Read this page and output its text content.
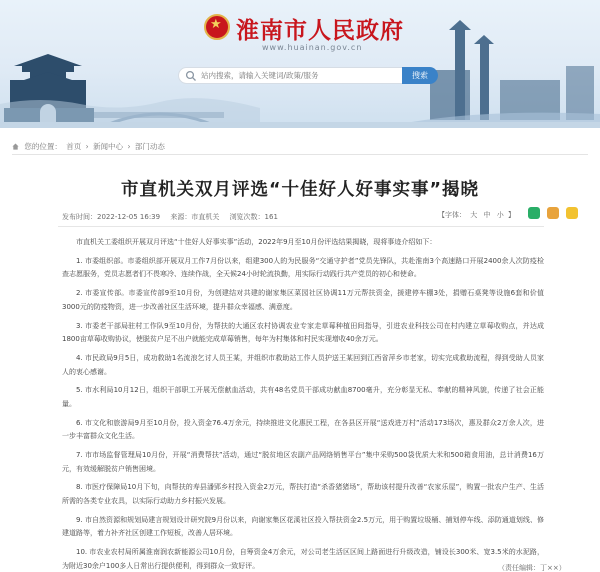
★
淮南市人民政府
www.huainan.gov.cn
站内搜索，请输入关键词/政策/服务
搜索
您的位置： 首页 › 新闻中心 › 部门动态
市直机关双月评选“十佳好人好事实事”揭晓
发布时间：2022-12-05 16:39 来源：市直机关 浏览次数：161	【字体： 大 中 小 】

市直机关工委组织开展双月评选“十佳好人好事实事”活动，2022年9月至10月份评选结果揭晓，现将事迹介绍如下：

1. 市委组织部。市委组织部开展双月工作7月份以来，组建300人的为民服务“交通守护者”党员先锋队，共赴淮南3个高速路口开展2400余人次防疫检查志愿服务，党员志愿者们不畏寒冷、连续作战，全天候24小时轮流执勤，用实际行动践行共产党员的初心和使命。

2. 市委宣传部。市委宣传部9至10月份，为创建结对共建的谢家集区菜园社区协调11万元帮扶资金，援建停车棚3处，捐赠石桌凳等设施6套和价值3000元的防疫物资，进一步改善社区生活环境，提升群众幸福感、满意度。

3. 市委老干部局驻村工作队9至10月份，为帮扶的大通区农村协调农业专家走草莓种植田间指导，引进农业科技公司在村内建立草莓收购点，并达成1800亩草莓收购协议，使脱贫户足不出户就能完成草莓销售，每年为村集体和村民实现增收40余万元。

4. 市民政局9月5日，成功救助1名流浪乞讨人员王某，并组织市救助站工作人员护送王某回到江西省萍乡市老家，切实完成救助流程，得到受助人员家人的衷心感谢。

5. 市水利局10月12日，组织干部职工开展无偿献血活动，共有48名党员干部成功献血8700毫升，充分彰显无私、奉献的精神风貌，传递了社会正能量。

6. 市文化和旅游局9月至10月份，投入资金76.4万余元，持续推进文化惠民工程，在各县区开展“送戏进万村”活动173场次，惠及群众2万余人次，进一步丰富群众文化生活。

7. 市市场监督管理局10月份，开展“消费帮扶”活动，通过“脱贫地区农副产品网络销售平台”集中采购500袋优质大米和500箱食用油，总计消费16万元，有效缓解脱贫户销售困境。

8. 市医疗保障局10月下旬，向帮扶的寿县潘郢乡村投入资金2万元，帮扶打造“杀香猪猪场”，帮助该村提升改善“农家乐屋”，购置一批农户生产、生活所需的各类专业农具，以实际行动助力乡村振兴发展。

9. 市自然资源和规划局建言规划设计研究院9月份以来，向谢家集区花溪社区投入帮扶资金2.5万元，用于购置垃圾桶、捕划停车线、添防通道划线、修建道路等，着力补齐社区创建工作短板，改善人居环境。

10. 市农业农村局所属淮南润农新能源公司10月份，自筹资金4万余元，对公司老生活区区间上路面进行升级改造，铺设长300米、宽3.5米的水泥路，为附近30余户100多人日常出行提供便利，得到群众一致好评。	（责任编辑：丁××）
